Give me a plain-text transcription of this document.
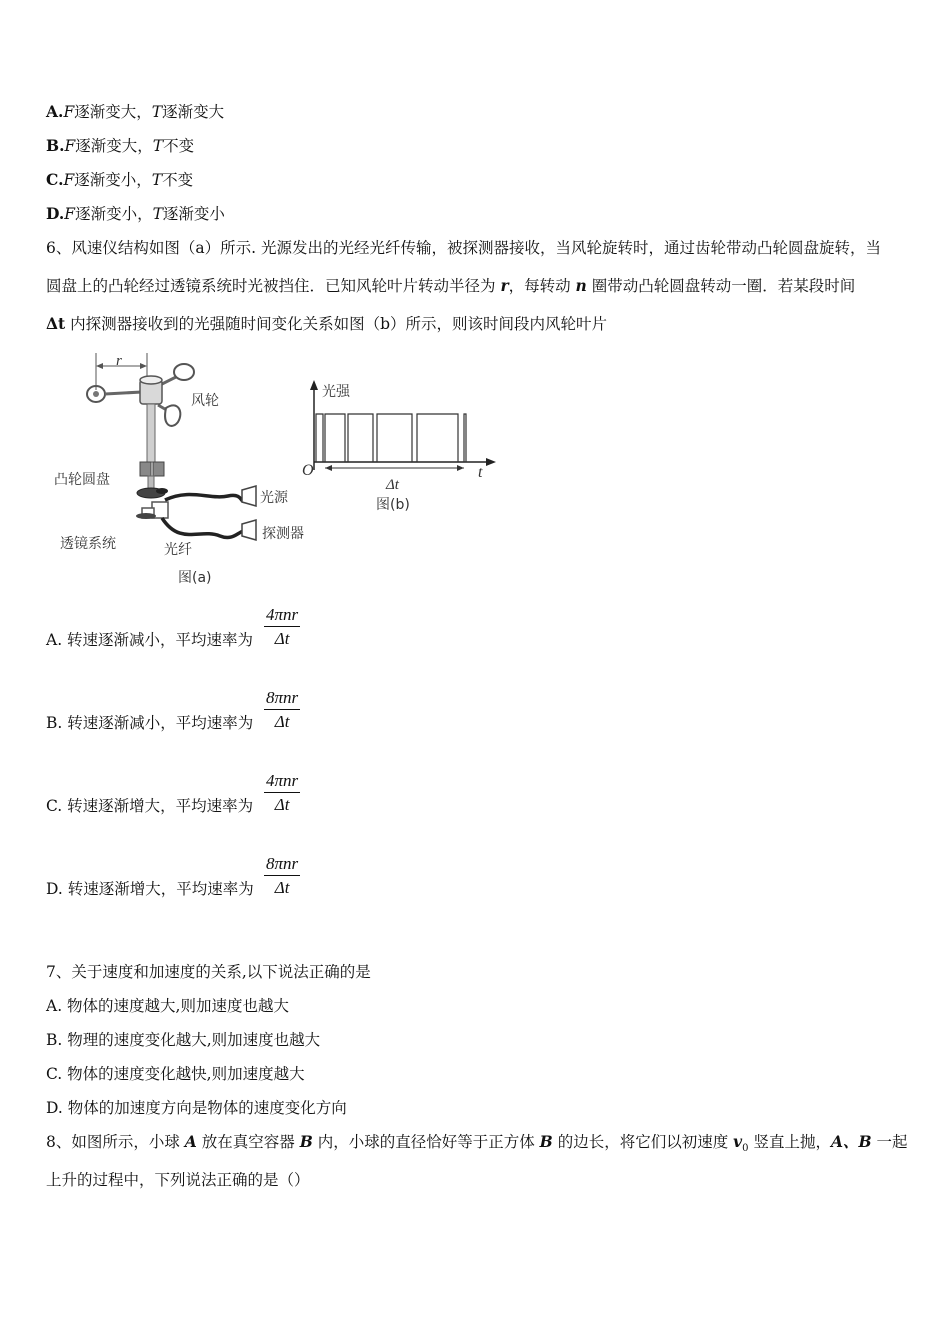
A.F逐渐变大，T逐渐变大
B.F逐渐变大，T不变
C.F逐渐变小，T不变
D.F逐渐变小，T逐渐变小
6、风速仪结构如图（a）所示. 光源发出的光经光纤传输，被探测器接收，当风轮旋转时，通过齿轮带动凸轮圆盘旋转，当
圆盘上的凸轮经过透镜系统时光被挡住．已知风轮叶片转动半径为 r，每转动 n 圈带动凸轮圆盘转动一圈．若某段时间
Δt 内探测器接收到的光强随时间变化关系如图（b）所示，则该时间段内风轮叶片
r
风轮
凸轮圆盘
光源
透镜系统	光纤
探测器
图(a)
光强
O	t
Δt
图(b)
A. 转速逐渐减小，平均速率为
4πnr
Δt
B. 转速逐渐减小，平均速率为
8πnr
Δt
C. 转速逐渐增大，平均速率为
4πnr
Δt
D. 转速逐渐增大，平均速率为
8πnr
Δt
7、关于速度和加速度的关系,以下说法正确的是
A. 物体的速度越大,则加速度也越大
B. 物理的速度变化越大,则加速度也越大
C. 物体的速度变化越快,则加速度越大
D. 物体的加速度方向是物体的速度变化方向
8、如图所示，小球 A 放在真空容器 B 内，小球的直径恰好等于正方体 B 的边长，将它们以初速度 $v_0$ 竖直上抛，A、B 一起
上升的过程中，下列说法正确的是（）
